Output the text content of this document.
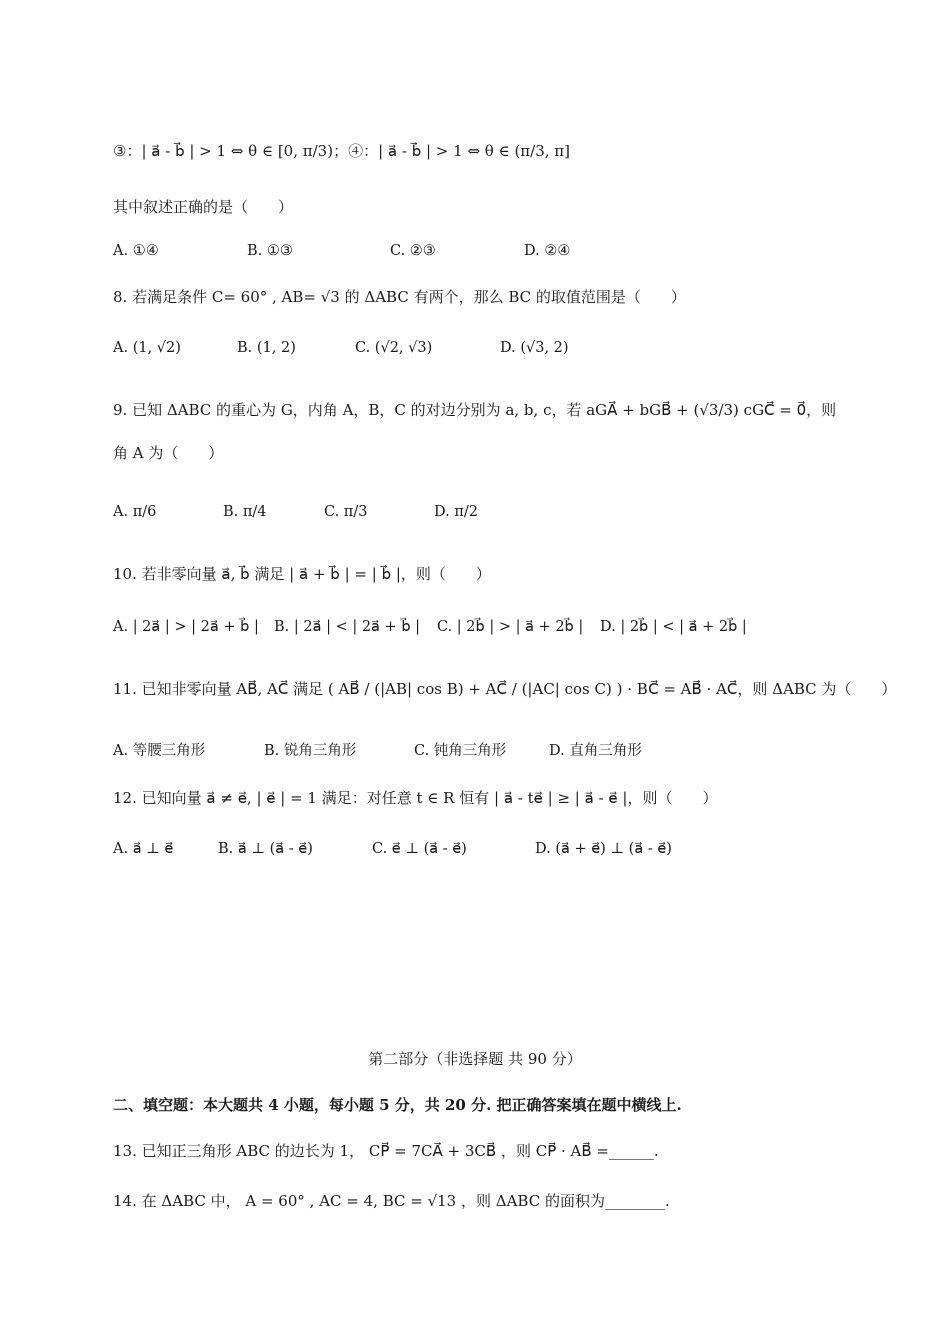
③：| a⃗ - b⃗ | > 1 ⇔ θ ∈ [0, π/3)；④：| a⃗ - b⃗ | > 1 ⇔ θ ∈ (π/3, π]
其中叙述正确的是（　　）
A. ①④	B. ①③	C. ②③	D. ②④
8. 若满足条件 C= 60° , AB= √3 的 ΔABC 有两个，那么 BC 的取值范围是（　　）
A. (1, √2)	B. (1, 2)	C. (√2, √3)	D. (√3, 2)
9. 已知 ΔABC 的重心为 G，内角 A，B，C 的对边分别为 a, b, c，若 aGA⃗ + bGB⃗ + (√3/3) cGC⃗ = 0⃗，则
角 A 为（　　）
A. π/6	B. π/4	C. π/3	D. π/2
10. 若非零向量 a⃗, b⃗ 满足 | a⃗ + b⃗ | = | b⃗ |，则（　　）
A. | 2a⃗ | > | 2a⃗ + b⃗ | B. | 2a⃗ | < | 2a⃗ + b⃗ | C. | 2b⃗ | > | a⃗ + 2b⃗ | D. | 2b⃗ | < | a⃗ + 2b⃗ |
11. 已知非零向量 AB⃗, AC⃗ 满足 ( AB⃗ / (|AB| cos B) + AC⃗ / (|AC| cos C) ) · BC⃗ = AB⃗ · AC⃗，则 ΔABC 为（　　）
A. 等腰三角形	B. 锐角三角形	C. 钝角三角形	D. 直角三角形
12. 已知向量 a⃗ ≠ e⃗, | e⃗ | = 1 满足：对任意 t ∈ R 恒有 | a⃗ - te⃗ | ≥ | a⃗ - e⃗ |，则（　　）
A. a⃗ ⊥ e⃗	B. a⃗ ⊥ (a⃗ - e⃗)	C. e⃗ ⊥ (a⃗ - e⃗)	D. (a⃗ + e⃗) ⊥ (a⃗ - e⃗)
第二部分（非选择题 共 90 分）
二、填空题：本大题共 4 小题，每小题 5 分，共 20 分. 把正确答案填在题中横线上.
13. 已知正三角形 ABC 的边长为 1， CP⃗ = 7CA⃗ + 3CB⃗ ，则 CP⃗ · AB⃗ =______.
14. 在 ΔABC 中， A = 60° , AC = 4, BC = √13 ，则 ΔABC 的面积为________.
